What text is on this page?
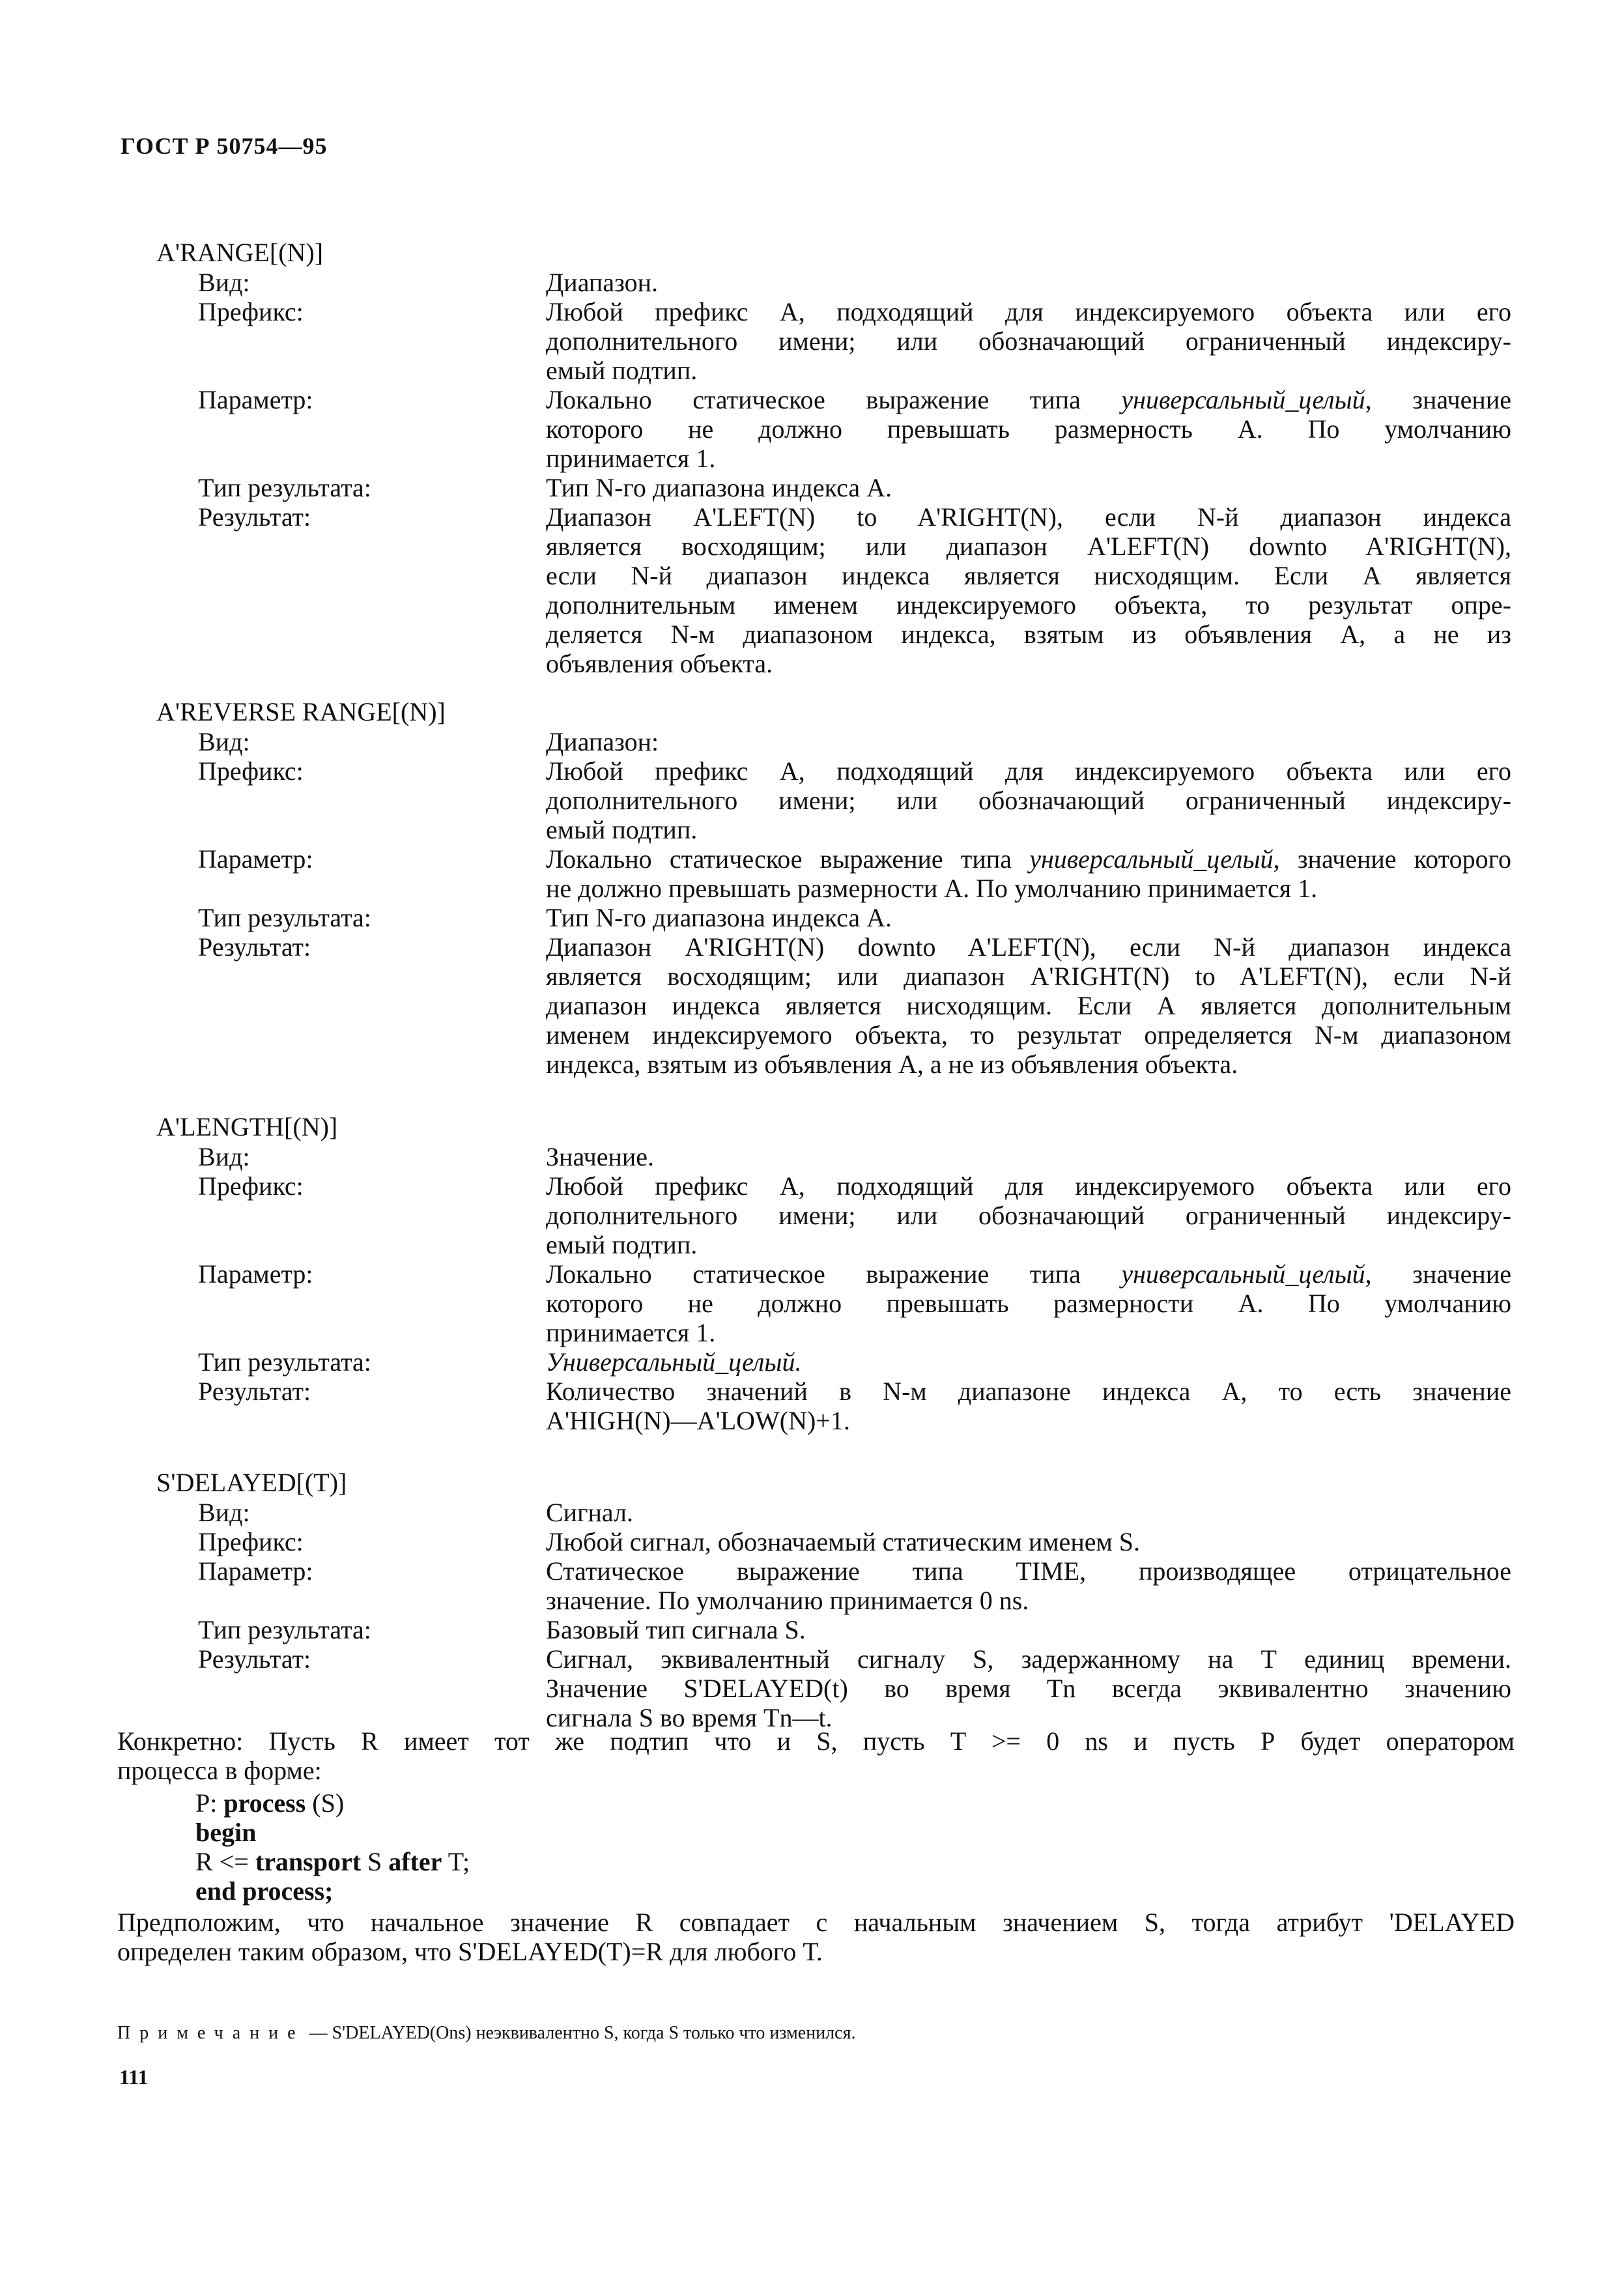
ГОСТ Р 50754—95
A'RANGE[(N)]
Вид:	Диапазон.
Префикс:	Любой префикс А, подходящий для индексируемого объекта или его
дополнительного имени; или обозначающий ограниченный индексиру-
емый подтип.
Параметр:	Локально статическое выражение типа универсальный_целый, значение
которого не должно превышать размерность А. По умолчанию
принимается 1.
Тип результата:	Тип N-го диапазона индекса А.
Результат:	Диапазон A'LEFT(N) to A'RIGHT(N), если N-й диапазон индекса
является восходящим; или диапазон A'LEFT(N) downto A'RIGHT(N),
если N-й диапазон индекса является нисходящим. Если А является
дополнительным именем индексируемого объекта, то результат опре-
деляется N-м диапазоном индекса, взятым из объявления А, а не из
объявления объекта.
A'REVERSE RANGE[(N)]
Вид:	Диапазон:
Префикс:	Любой префикс А, подходящий для индексируемого объекта или его
дополнительного имени; или обозначающий ограниченный индексиру-
емый подтип.
Параметр:	Локально статическое выражение типа универсальный_целый, значение которого
не должно превышать размерности А. По умолчанию принимается 1.
Тип результата:	Тип N-го диапазона индекса А.
Результат:	Диапазон A'RIGHT(N) downto A'LEFT(N), если N-й диапазон индекса
является восходящим; или диапазон A'RIGHT(N) to A'LEFT(N), если N-й
диапазон индекса является нисходящим. Если А является дополнительным
именем индексируемого объекта, то результат определяется N-м диапазоном
индекса, взятым из объявления А, а не из объявления объекта.
A'LENGTH[(N)]
Вид:	Значение.
Префикс:	Любой префикс А, подходящий для индексируемого объекта или его
дополнительного имени; или обозначающий ограниченный индексиру-
емый подтип.
Параметр:	Локально статическое выражение типа универсальный_целый, значение
которого не должно превышать размерности А. По умолчанию
принимается 1.
Тип результата:	Универсальный_целый.
Результат:	Количество значений в N-м диапазоне индекса А, то есть значение
A'HIGH(N)—A'LOW(N)+1.
S'DELAYED[(T)]
Вид:	Сигнал.
Префикс:	Любой сигнал, обозначаемый статическим именем S.
Параметр:	Статическое выражение типа TIME, производящее отрицательное
значение. По умолчанию принимается 0 ns.
Тип результата:	Базовый тип сигнала S.
Результат:	Сигнал, эквивалентный сигналу S, задержанному на Т единиц времени.
Значение S'DELAYED(t) во время Tn всегда эквивалентно значению
сигнала S во время Tn—t.
Конкретно: Пусть R имеет тот же подтип что и S, пусть T >= 0 ns и пусть Р будет оператором
процесса в форме:
P: process (S)
begin
R <= transport S after T;
end process;
Предположим, что начальное значение R совпадает с начальным значением S, тогда атрибут 'DELAYED
определен таким образом, что S'DELAYED(T)=R для любого Т.
Примечание — S'DELAYED(Ons) неэквивалентно S, когда S только что изменился.
111
